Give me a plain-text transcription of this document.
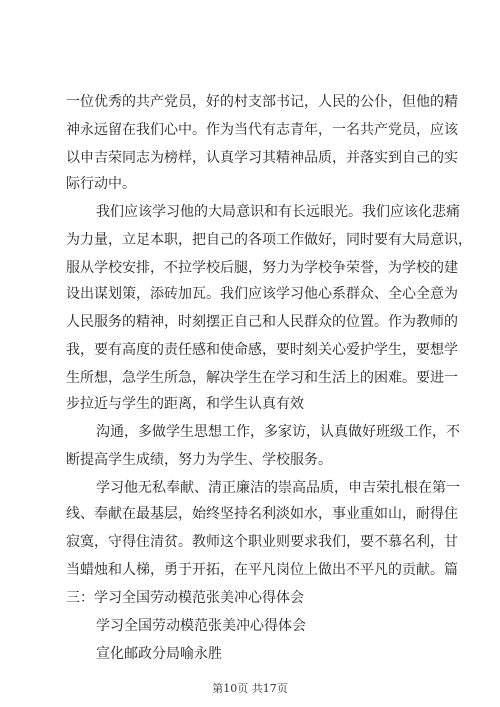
一位优秀的共产党员，好的村支部书记，人民的公仆，但他的精
神永远留在我们心中。作为当代有志青年，一名共产党员，应该
以申吉荣同志为榜样，认真学习其精神品质，并落实到自己的实
际行动中。
我们应该学习他的大局意识和有长远眼光。我们应该化悲痛
为力量，立足本职，把自己的各项工作做好，同时要有大局意识，
服从学校安排，不拉学校后腿，努力为学校争荣誉，为学校的建
设出谋划策，添砖加瓦。我们应该学习他心系群众、全心全意为
人民服务的精神，时刻摆正自己和人民群众的位置。作为教师的
我，要有高度的责任感和使命感，要时刻关心爱护学生，要想学
生所想，急学生所急，解决学生在学习和生活上的困难。要进一
步拉近与学生的距离，和学生认真有效
沟通，多做学生思想工作，多家访，认真做好班级工作，不
断提高学生成绩，努力为学生、学校服务。
学习他无私奉献、清正廉洁的崇高品质，申吉荣扎根在第一
线、奉献在最基层，始终坚持名利淡如水，事业重如山，耐得住
寂寞，守得住清贫。教师这个职业则要求我们，要不慕名利，甘
当蜡烛和人梯，勇于开拓，在平凡岗位上做出不平凡的贡献。篇
三：学习全国劳动模范张美冲心得体会
学习全国劳动模范张美冲心得体会
宣化邮政分局喻永胜
第10页 共17页
